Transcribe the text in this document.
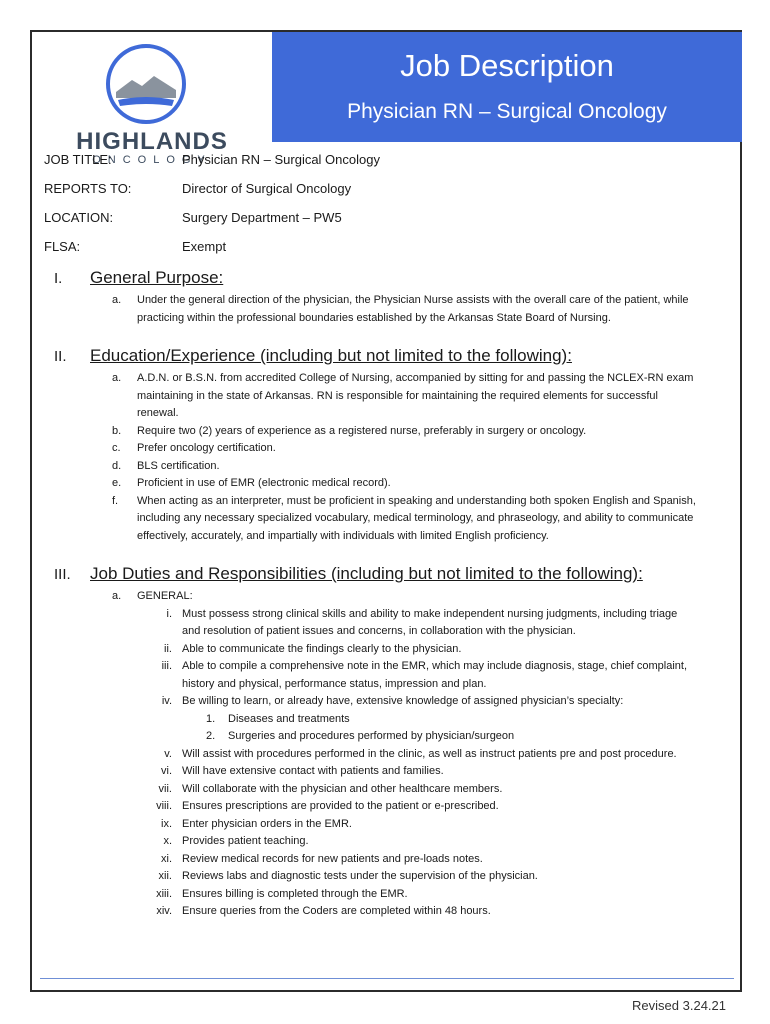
HIGHLANDS
ONCOLOGY
Job Description
Physician RN – Surgical Oncology
JOB TITLE:	Physician RN – Surgical Oncology
REPORTS TO:	Director of Surgical Oncology
LOCATION:	Surgery Department – PW5
FLSA:	Exempt
I. General Purpose:
a. Under the general direction of the physician, the Physician Nurse assists with the overall care of the patient, while practicing within the professional boundaries established by the Arkansas State Board of Nursing.
II. Education/Experience (including but not limited to the following):
a. A.D.N. or B.S.N. from accredited College of Nursing, accompanied by sitting for and passing the NCLEX-RN exam maintaining in the state of Arkansas. RN is responsible for maintaining the required elements for successful renewal.
b. Require two (2) years of experience as a registered nurse, preferably in surgery or oncology.
c. Prefer oncology certification.
d. BLS certification.
e. Proficient in use of EMR (electronic medical record).
f. When acting as an interpreter, must be proficient in speaking and understanding both spoken English and Spanish, including any necessary specialized vocabulary, medical terminology, and phraseology, and ability to communicate effectively, accurately, and impartially with individuals with limited English proficiency.
III. Job Duties and Responsibilities (including but not limited to the following):
a. GENERAL:
i. Must possess strong clinical skills and ability to make independent nursing judgments, including triage and resolution of patient issues and concerns, in collaboration with the physician.
ii. Able to communicate the findings clearly to the physician.
iii. Able to compile a comprehensive note in the EMR, which may include diagnosis, stage, chief complaint, history and physical, performance status, impression and plan.
iv. Be willing to learn, or already have, extensive knowledge of assigned physician’s specialty:
1. Diseases and treatments
2. Surgeries and procedures performed by physician/surgeon
v. Will assist with procedures performed in the clinic, as well as instruct patients pre and post procedure.
vi. Will have extensive contact with patients and families.
vii. Will collaborate with the physician and other healthcare members.
viii. Ensures prescriptions are provided to the patient or e-prescribed.
ix. Enter physician orders in the EMR.
x. Provides patient teaching.
xi. Review medical records for new patients and pre-loads notes.
xii. Reviews labs and diagnostic tests under the supervision of the physician.
xiii. Ensures billing is completed through the EMR.
xiv. Ensure queries from the Coders are completed within 48 hours.
Revised 3.24.21
